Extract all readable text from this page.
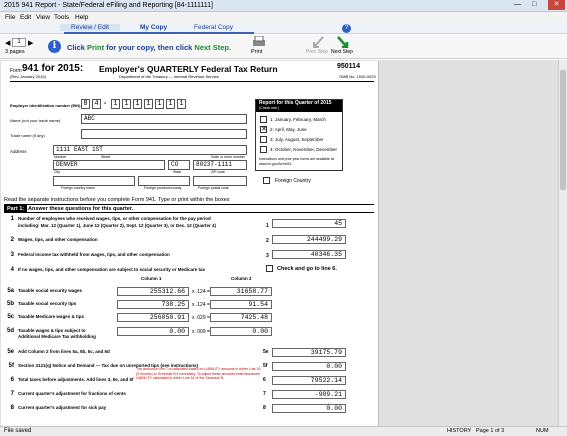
2015 941 Report - State/Federal eFiling and Reporting [84-1111111]	— □	✕
File Edit View Tools Help
Review / Edit	My Copy	Federal Copy	?
◀	1	▶
3 pages
i	Click Print for your copy, then click Next Step.	Print	Prev Step Next Step
Form 941 for 2015: Employer's QUARTERLY Federal Tax Return
(Rev. January 2015)	Department of the Treasury — Internal Revenue Service
950114
OMB No. 1545-0029
Employer identification number (EIN) 8 4 -	1 1 1 1 1 1 1
Name (not your trade name)	ABC
Trade name (if any)
Address	1111 EAST 1ST
Number	Street	Suite or room number
DENVER	CO	80237-1111
City	State	ZIP code
Foreign country name	Foreign province/county	Foreign postal code
Report for this Quarter of 2015
(Check one.)
1: January, February, March
✕ 2: April, May, June
3: July, August, September
4: October, November, December
Instructions and prior year forms are available at www.irs.gov/form941.
Foreign Country
Read the separate instructions before you complete Form 941. Type or print within the boxes
Part 1: Answer these questions for this quarter.
1 Number of employees who received wages, tips, or other compensation for the pay period
including: Mar. 12 (Quarter 1), June 12 (Quarter 2), Sept. 12 (Quarter 3), or Dec. 12 (Quarter 4)	1	45
2 Wages, tips, and other compensation	2	244499.29
3 Federal income tax withheld from wages, tips, and other compensation	3	40346.35
4 If no wages, tips, and other compensation are subject to social security or Medicare tax	Check and go to line 6.
Column 1	Column 2
5a Taxable social security wages	255312.66	x .124 =	31658.77
5b Taxable social security tips	738.25	x .124 =	91.54
5c Taxable Medicare wages & tips	256050.91	x .029 =	7425.48
5d Taxable wages & tips subject to
Additional Medicare Tax withholding
0.00	x .009 =	0.00
5e Add Column 2 from lines 5a, 5b, 5c, and 5d	5e	39175.79
5f Section 3121(q) Notice and Demand — Tax due on unreported tips (see instructions)	5f	0.00
6 Total taxes before adjustments. Add lines 3, 5e, and 5f	6	79522.14
7 Current quarter's adjustment for fractions of cents	7	-909.21
8 Current quarter's adjustment for sick pay	8	0.00
The amount in line 7 is calculated based on LIABILITY amounts in either Line 16 (3 months) or Schedule B if necessary. To adjust these amounts enter/document LIABILITY calculated in either Line 16 or the Schedule B.
File saved	HISTORY Page 1 of 3	NUM
